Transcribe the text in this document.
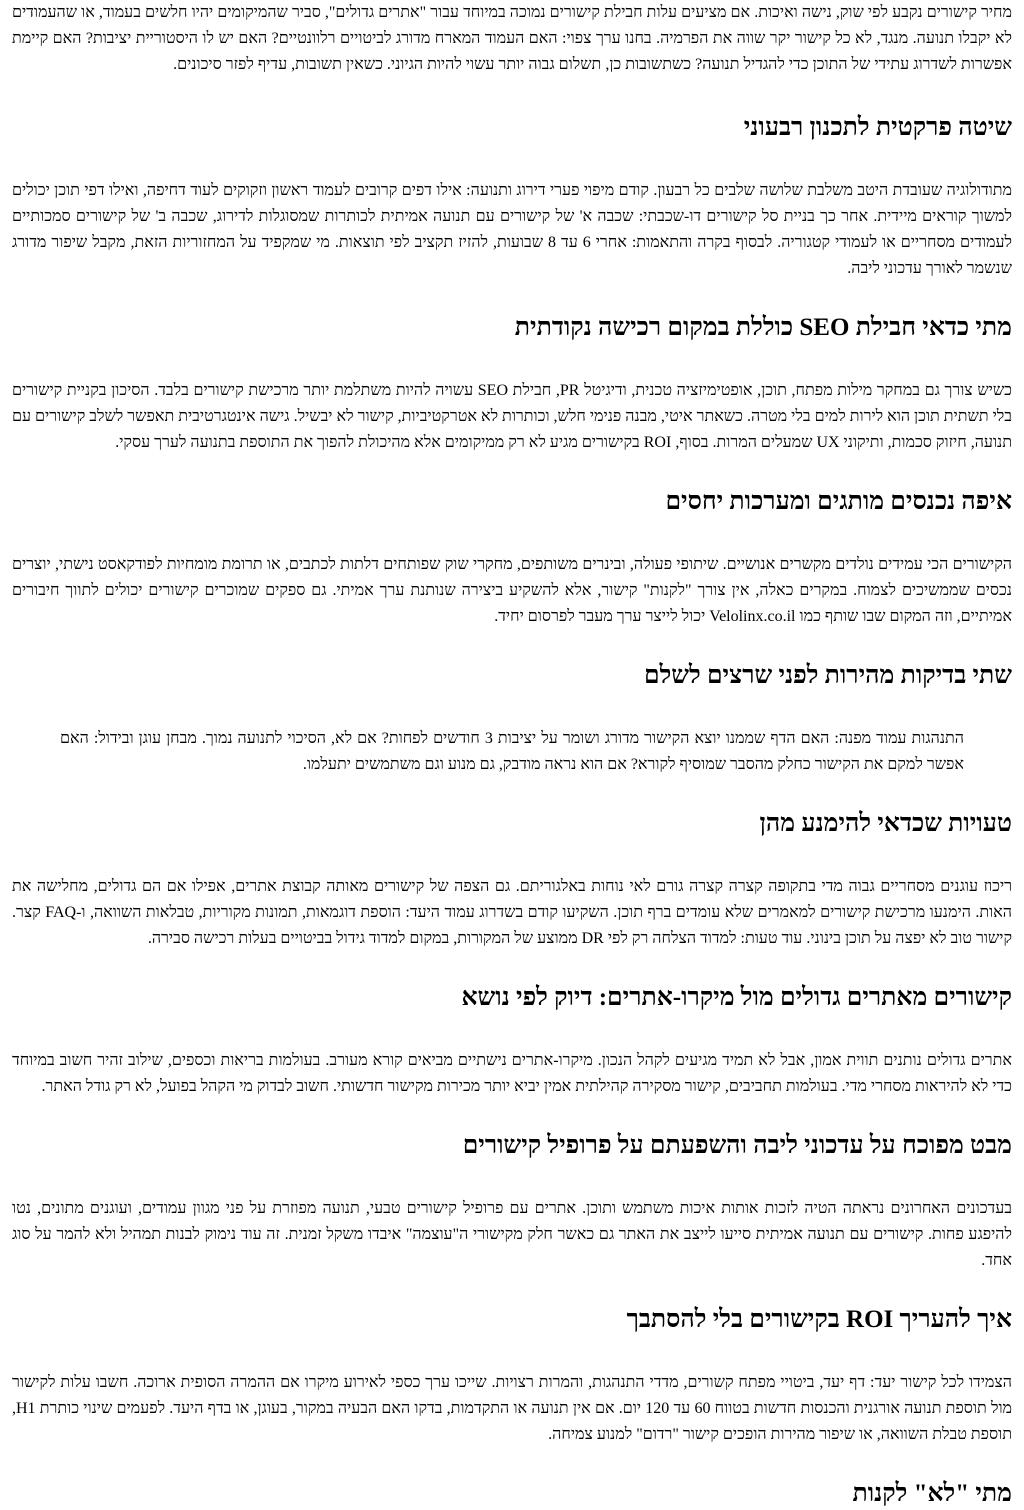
מחיר קישורים נקבע לפי שוק, נישה ואיכות. אם מציעים עלות חבילת קישורים נמוכה במיוחד עבור "אתרים גדולים", סביר שהמיקומים יהיו חלשים בעמוד, או שהעמודים לא יקבלו תנועה. מנגד, לא כל קישור יקר שווה את הפרמיה. בחנו ערך צפוי: האם העמוד המארח מדורג לביטויים רלוונטיים? האם יש לו היסטוריית יציבות? האם קיימת אפשרות לשדרוג עתידי של התוכן כדי להגדיל תנועה? כשתשובות כן, תשלום גבוה יותר עשוי להיות הגיוני. כשאין תשובות, עדיף לפזר סיכונים.

שיטה פרקטית לתכנון רבעוני

מתודולוגיה שעובדת היטב משלבת שלושה שלבים כל רבעון. קודם מיפוי פערי דירוג ותנועה: אילו דפים קרובים לעמוד ראשון וזקוקים לעוד דחיפה, ואילו דפי תוכן יכולים למשוך קוראים מיידית. אחר כך בניית סל קישורים דו-שכבתי: שכבה א' של קישורים עם תנועה אמיתית לכותרות שמסוגלות לדירוג, שכבה ב' של קישורים סמכותיים לעמודים מסחריים או לעמודי קטגוריה. לבסוף בקרה והתאמות: אחרי 6 עד 8 שבועות, להזיז תקציב לפי תוצאות. מי שמקפיד על המחזוריות הזאת, מקבל שיפור מדורג שנשמר לאורך עדכוני ליבה.

מתי כדאי חבילת SEO כוללת במקום רכישה נקודתית

כשיש צורך גם במחקר מילות מפתח, תוכן, אופטימיזציה טכנית, ודיגיטל PR, חבילת SEO עשויה להיות משתלמת יותר מרכישת קישורים בלבד. הסיכון בקניית קישורים בלי תשתית תוכן הוא לירות למים בלי מטרה. כשאתר איטי, מבנה פנימי חלש, וכותרות לא אטרקטיביות, קישור לא יבשיל. גישה אינטגרטיבית תאפשר לשלב קישורים עם תנועה, חיזוק סכמות, ותיקוני UX שמעלים המרות. בסוף, ROI בקישורים מגיע לא רק ממיקומים אלא מהיכולת להפוך את התוספת בתנועה לערך עסקי.

איפה נכנסים מותגים ומערכות יחסים

הקישורים הכי עמידים נולדים מקשרים אנושיים. שיתופי פעולה, ובינרים משותפים, מחקרי שוק שפותחים דלתות לכתבים, או תרומת מומחיות לפודקאסט נישתי, יוצרים נכסים שממשיכים לצמוח. במקרים כאלה, אין צורך "לקנות" קישור, אלא להשקיע ביצירה שנותנת ערך אמיתי. גם ספקים שמוכרים קישורים יכולים לתווך חיבורים אמיתיים, וזה המקום שבו שותף כמו Velolinx.co.il יכול לייצר ערך מעבר לפרסום יחיד.

שתי בדיקות מהירות לפני שרצים לשלם

התנהגות עמוד מפנה: האם הדף שממנו יוצא הקישור מדורג ושומר על יציבות 3 חודשים לפחות? אם לא, הסיכוי לתנועה נמוך. מבחן עוגן ובידול: האם אפשר למקם את הקישור כחלק מהסבר שמוסיף לקורא? אם הוא נראה מודבק, גם מנוע וגם משתמשים יתעלמו.

טעויות שכדאי להימנע מהן

ריכוז עוגנים מסחריים גבוה מדי בתקופה קצרה קצרה גורם לאי נוחות באלגוריתם. גם הצפה של קישורים מאותה קבוצת אתרים, אפילו אם הם גדולים, מחלישה את האות. הימנעו מרכישת קישורים למאמרים שלא עומדים ברף תוכן. השקיעו קודם בשדרוג עמוד היעד: הוספת דוגמאות, תמונות מקוריות, טבלאות השוואה, ו-FAQ קצר. קישור טוב לא יפצה על תוכן בינוני. עוד טעות: למדוד הצלחה רק לפי DR ממוצע של המקורות, במקום למדוד גידול בביטויים בעלות רכישה סבירה.

קישורים מאתרים גדולים מול מיקרו-אתרים: דיוק לפי נושא

אתרים גדולים נותנים תווית אמון, אבל לא תמיד מגיעים לקהל הנכון. מיקרו-אתרים נישתיים מביאים קורא מעורב. בעולמות בריאות וכספים, שילוב זהיר חשוב במיוחד כדי לא להיראות מסחרי מדי. בעולמות תחביבים, קישור מסקירה קהילתית אמין יביא יותר מכירות מקישור חדשותי. חשוב לבדוק מי הקהל בפועל, לא רק גודל האתר.

מבט מפוכח על עדכוני ליבה והשפעתם על פרופיל קישורים

בעדכונים האחרונים נראתה הטיה לזכות אותות איכות משתמש ותוכן. אתרים עם פרופיל קישורים טבעי, תנועה מפוזרת על פני מגוון עמודים, ועוגנים מתונים, נטו להיפגע פחות. קישורים עם תנועה אמיתית סייעו לייצב את האתר גם כאשר חלק מקישורי ה"עוצמה" איבדו משקל זמנית. זה עוד נימוק לבנות תמהיל ולא להמר על סוג אחד.

איך להעריך ROI בקישורים בלי להסתבך

הצמידו לכל קישור יעד: דף יעד, ביטויי מפתח קשורים, מדדי התנהגות, והמרות רצויות. שייכו ערך כספי לאירוע מיקרו אם ההמרה הסופית ארוכה. חשבו עלות לקישור מול תוספת תנועה אורגנית והכנסות חדשות בטווח 60 עד 120 יום. אם אין תנועה או התקדמות, בדקו האם הבעיה במקור, בעוגן, או בדף היעד. לפעמים שינוי כותרת H1, תוספת טבלת השוואה, או שיפור מהירות הופכים קישור "רדום" למנוע צמיחה.

מתי "לא" לקנות
